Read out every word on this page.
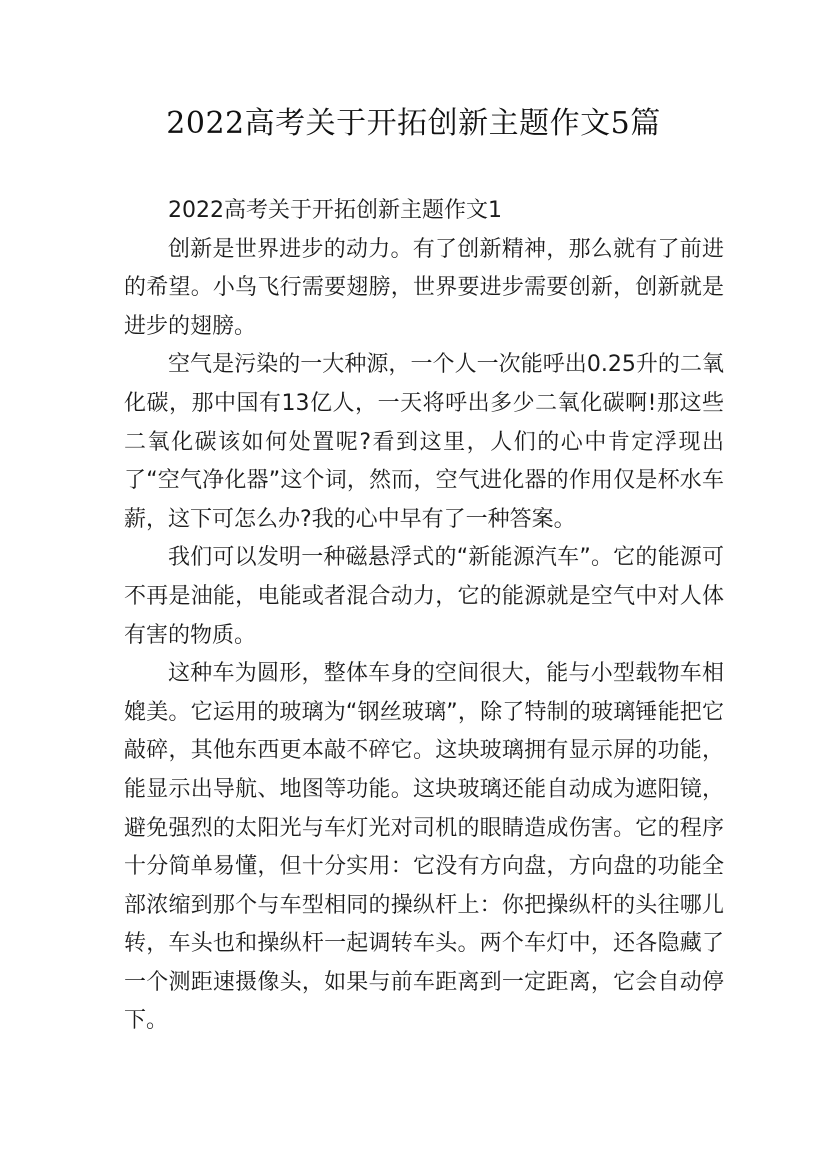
2022高考关于开拓创新主题作文5篇

2022高考关于开拓创新主题作文1

创新是世界进步的动力。有了创新精神，那么就有了前进的希望。小鸟飞行需要翅膀，世界要进步需要创新，创新就是进步的翅膀。

空气是污染的一大种源，一个人一次能呼出0.25升的二氧化碳，那中国有13亿人，一天将呼出多少二氧化碳啊!那这些二氧化碳该如何处置呢?看到这里，人们的心中肯定浮现出了“空气净化器”这个词，然而，空气进化器的作用仅是杯水车薪，这下可怎么办?我的心中早有了一种答案。

我们可以发明一种磁悬浮式的“新能源汽车”。它的能源可不再是油能，电能或者混合动力，它的能源就是空气中对人体有害的物质。

这种车为圆形，整体车身的空间很大，能与小型载物车相媲美。它运用的玻璃为“钢丝玻璃”，除了特制的玻璃锤能把它敲碎，其他东西更本敲不碎它。这块玻璃拥有显示屏的功能，能显示出导航、地图等功能。这块玻璃还能自动成为遮阳镜，避免强烈的太阳光与车灯光对司机的眼睛造成伤害。它的程序十分简单易懂，但十分实用：它没有方向盘，方向盘的功能全部浓缩到那个与车型相同的操纵杆上：你把操纵杆的头往哪儿转，车头也和操纵杆一起调转车头。两个车灯中，还各隐藏了一个测距速摄像头，如果与前车距离到一定距离，它会自动停下。
